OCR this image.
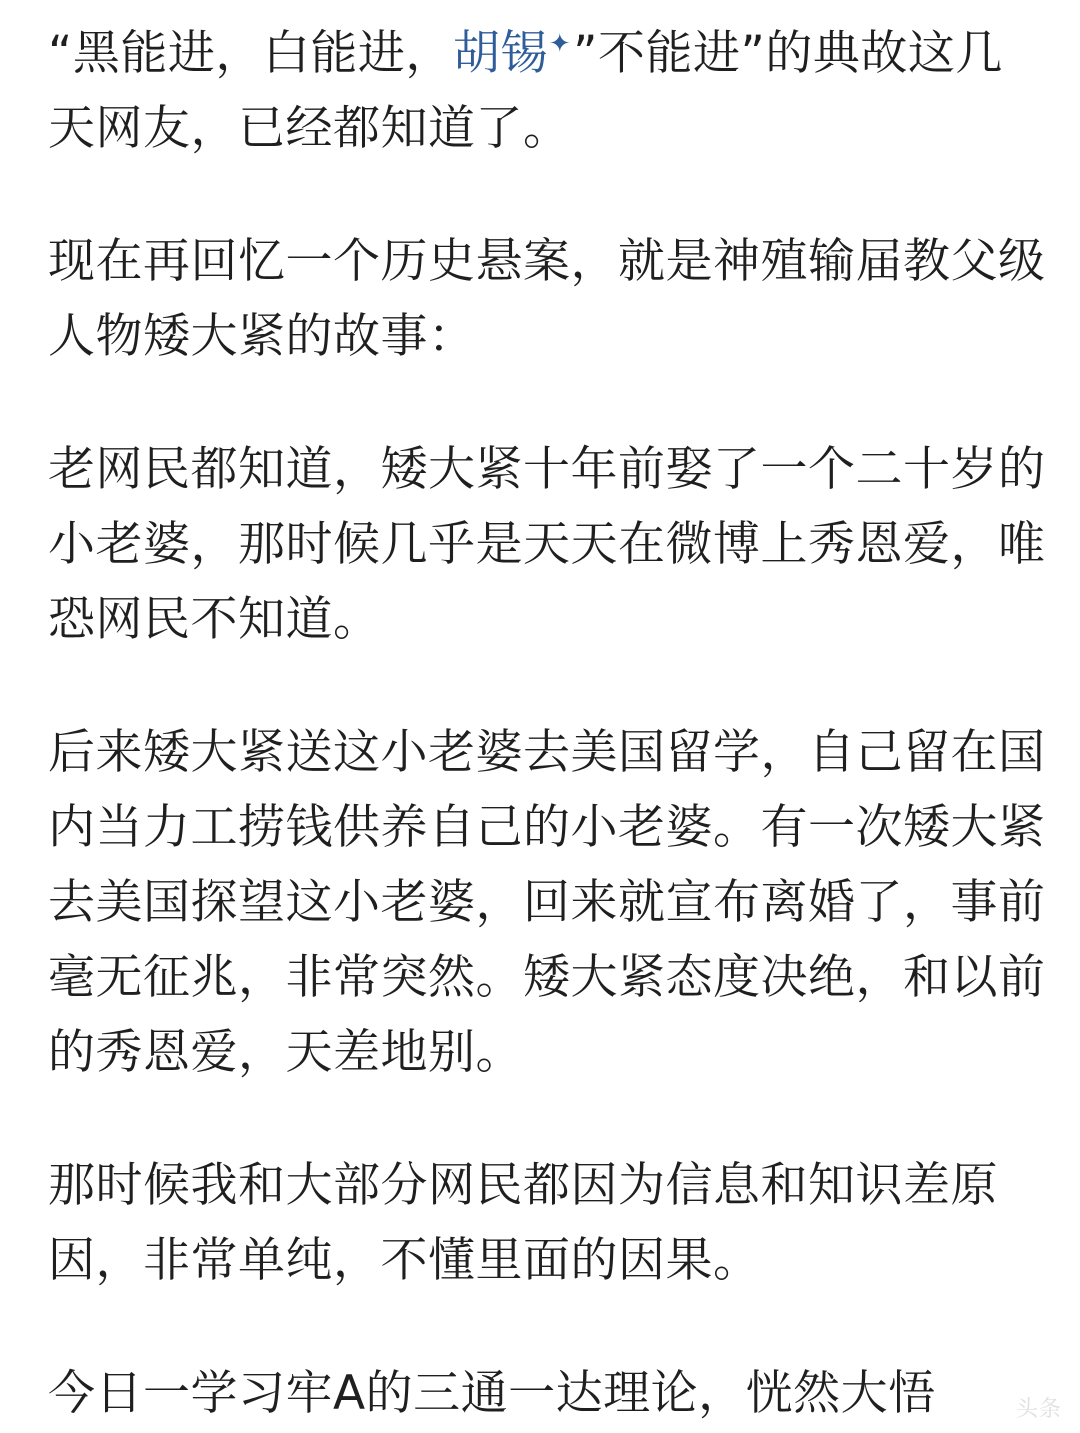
“黑能进，白能进，胡锡✦”不能进”的典故这几天网友，已经都知道了。

现在再回忆一个历史悬案，就是神殖输届教父级人物矮大紧的故事：

老网民都知道，矮大紧十年前娶了一个二十岁的小老婆，那时候几乎是天天在微博上秀恩爱，唯恐网民不知道。

后来矮大紧送这小老婆去美国留学，自己留在国内当力工捞钱供养自己的小老婆。有一次矮大紧去美国探望这小老婆，回来就宣布离婚了，事前毫无征兆，非常突然。矮大紧态度决绝，和以前的秀恩爱，天差地别。

那时候我和大部分网民都因为信息和知识差原因，非常单纯，不懂里面的因果。

今日一学习牢A的三通一达理论，恍然大悟	头条
